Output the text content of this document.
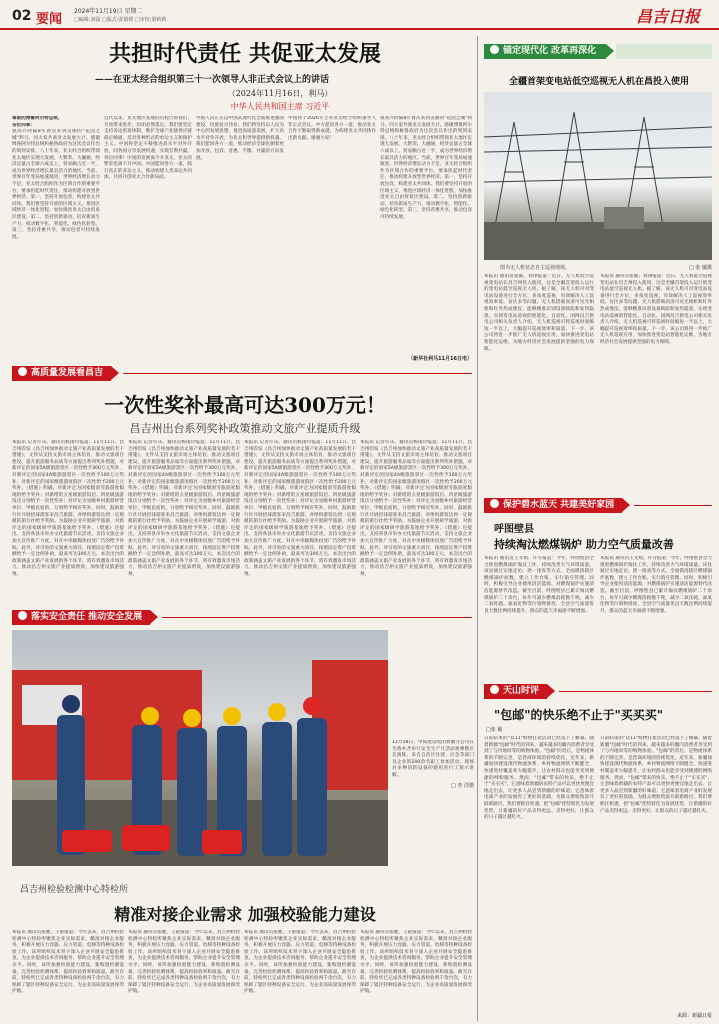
02 要闻
2024年11月19日 星期二
□编辑:刘强 □版式:张婧媛 □审校:梁莉莉	昌吉日报
共担时代责任 共促亚太发展
——在亚太经合组织第三十一次领导人非正式会议上的讲话
（2024年11月16日，利马）
中华人民共和国主席 习近平
尊敬的博鲁阿尔特总统，
各位同事：
很高兴时隔8年再次来到美丽的"花园之城"利马，同大家共商亚太发展大计。感谢博鲁阿尔特总统和秘鲁政府为这次会议作出的周到安排。八十年来，亚太经合组织带领亚太地区实现大发展、大繁荣、大融通，经济总量占全球六成以上，贸易额占近一半，成为世界经济增长最具活力的地区。当前，世界百年变局加速演进，世界经济增长动力不足，亚太经合组织作为区域合作的重要平台，要承担起时代责任，推动构建开放型世界经济。第一，坚持开放包容，构建亚太共同体。我们要坚持开放的区域主义，推进区域经济一体化进程，加快推进亚太自由贸易区建设。第二，坚持创新驱动，培育新质生产力，推动数字化、智能化、绿色化转型。第三，坚持普惠共享，推动包容可持续发展。
近代以来，亚太地区发展的历程告诉我们，开放带来进步，封闭必然落后。我们要坚定支持多边贸易体制，维护全球产业链供应链稳定畅通，反对各种形式的单边主义和保护主义。中国将坚定不移推进高水平对外开放，同各国分享发展机遇，实现互利共赢。各位同事！中国的发展离不开亚太，亚太的繁荣也离不开中国。中国愿同各方一道，践行真正的多边主义，推动构建人类命运共同体，共同开创亚太合作新局面。
中国人民正在以中国式现代化全面推进强国建设、民族复兴伟业。我们将坚持以人民为中心的发展思想，推进高质量发展，扩大高水平对外开放，为亚太和世界提供新机遇。我们愿同各方一道，推动经济全球化朝着更加开放、包容、普惠、平衡、共赢的方向发展。
中国将于2026年主办亚太经合组织领导人非正式会议。中方愿同各方一道，推动亚太合作不断取得新成就，为构建亚太共同体作出新贡献。谢谢大家！
很高兴时隔8年再次来到美丽的"花园之城"利马，同大家共商亚太发展大计。感谢博鲁阿尔特总统和秘鲁政府为这次会议作出的周到安排。八十年来，亚太经合组织带领亚太地区实现大发展、大繁荣、大融通，经济总量占全球六成以上，贸易额占近一半，成为世界经济增长最具活力的地区。当前，世界百年变局加速演进，世界经济增长动力不足，亚太经合组织作为区域合作的重要平台，要承担起时代责任，推动构建开放型世界经济。第一，坚持开放包容，构建亚太共同体。我们要坚持开放的区域主义，推进区域经济一体化进程，加快推进亚太自由贸易区建设。第二，坚持创新驱动，培育新质生产力，推动数字化、智能化、绿色化转型。第三，坚持普惠共享，推动包容可持续发展。
（新华社利马11月16日电）
高质量发展看昌吉
一次性奖补最高可达300万元！
昌吉州出台系列奖补政策推动文旅产业提质升级
本报讯 记者许乐、通讯员杨国玲报道：11月11日，昌吉州印发《昌吉州加快推动文旅产业高质量发展的若干措施》，文件从支持文旅市场主体培育、推动文旅项目建设、提升旅游服务品质等方面提出系列奖补措施，对新评定的国家5A级旅游景区一次性给予300万元奖补，对新评定的国家4A级旅游景区一次性给予100万元奖补，对新评定的国家级旅游度假区一次性给予200万元奖补。《措施》明确，对新评定为国家级滑雪旅游度假地的给予奖补；对新增的五星级旅游饭店、四星级旅游饭店分别给予一次性奖补；对评定为星级乡村旅游经营单位、甲级民宿的，分别给予相应奖补。同时，鼓励旅行社开展招徕游客来昌吉旅游，对组织游客达到一定规模的旅行社给予奖励。为鼓励企业开展研学旅游，对新评定的国家级研学旅游基地给予奖补。《措施》还提出，支持各县市举办文化旅游节庆活动，支持文旅企业加大宣传推广力度，对在中央级媒体投放广告的给予补贴。此外，对引进的文旅重大项目，按照固定资产投资额给予一定比例补助，最高可达300万元。本次出台的政策涵盖文旅产业发展的各个环节，将有效激发市场活力，推动昌吉州文旅产业提质增效，加快建设旅游强州。
本报讯 记者许乐、通讯员杨国玲报道：11月11日，昌吉州印发《昌吉州加快推动文旅产业高质量发展的若干措施》，文件从支持文旅市场主体培育、推动文旅项目建设、提升旅游服务品质等方面提出系列奖补措施，对新评定的国家5A级旅游景区一次性给予300万元奖补，对新评定的国家4A级旅游景区一次性给予100万元奖补，对新评定的国家级旅游度假区一次性给予200万元奖补。《措施》明确，对新评定为国家级滑雪旅游度假地的给予奖补；对新增的五星级旅游饭店、四星级旅游饭店分别给予一次性奖补；对评定为星级乡村旅游经营单位、甲级民宿的，分别给予相应奖补。同时，鼓励旅行社开展招徕游客来昌吉旅游，对组织游客达到一定规模的旅行社给予奖励。为鼓励企业开展研学旅游，对新评定的国家级研学旅游基地给予奖补。《措施》还提出，支持各县市举办文化旅游节庆活动，支持文旅企业加大宣传推广力度，对在中央级媒体投放广告的给予补贴。此外，对引进的文旅重大项目，按照固定资产投资额给予一定比例补助，最高可达300万元。本次出台的政策涵盖文旅产业发展的各个环节，将有效激发市场活力，推动昌吉州文旅产业提质增效，加快建设旅游强州。
本报讯 记者许乐、通讯员杨国玲报道：11月11日，昌吉州印发《昌吉州加快推动文旅产业高质量发展的若干措施》，文件从支持文旅市场主体培育、推动文旅项目建设、提升旅游服务品质等方面提出系列奖补措施，对新评定的国家5A级旅游景区一次性给予300万元奖补，对新评定的国家4A级旅游景区一次性给予100万元奖补，对新评定的国家级旅游度假区一次性给予200万元奖补。《措施》明确，对新评定为国家级滑雪旅游度假地的给予奖补；对新增的五星级旅游饭店、四星级旅游饭店分别给予一次性奖补；对评定为星级乡村旅游经营单位、甲级民宿的，分别给予相应奖补。同时，鼓励旅行社开展招徕游客来昌吉旅游，对组织游客达到一定规模的旅行社给予奖励。为鼓励企业开展研学旅游，对新评定的国家级研学旅游基地给予奖补。《措施》还提出，支持各县市举办文化旅游节庆活动，支持文旅企业加大宣传推广力度，对在中央级媒体投放广告的给予补贴。此外，对引进的文旅重大项目，按照固定资产投资额给予一定比例补助，最高可达300万元。本次出台的政策涵盖文旅产业发展的各个环节，将有效激发市场活力，推动昌吉州文旅产业提质增效，加快建设旅游强州。
本报讯 记者许乐、通讯员杨国玲报道：11月11日，昌吉州印发《昌吉州加快推动文旅产业高质量发展的若干措施》，文件从支持文旅市场主体培育、推动文旅项目建设、提升旅游服务品质等方面提出系列奖补措施，对新评定的国家5A级旅游景区一次性给予300万元奖补，对新评定的国家4A级旅游景区一次性给予100万元奖补，对新评定的国家级旅游度假区一次性给予200万元奖补。《措施》明确，对新评定为国家级滑雪旅游度假地的给予奖补；对新增的五星级旅游饭店、四星级旅游饭店分别给予一次性奖补；对评定为星级乡村旅游经营单位、甲级民宿的，分别给予相应奖补。同时，鼓励旅行社开展招徕游客来昌吉旅游，对组织游客达到一定规模的旅行社给予奖励。为鼓励企业开展研学旅游，对新评定的国家级研学旅游基地给予奖补。《措施》还提出，支持各县市举办文化旅游节庆活动，支持文旅企业加大宣传推广力度，对在中央级媒体投放广告的给予补贴。此外，对引进的文旅重大项目，按照固定资产投资额给予一定比例补助，最高可达300万元。本次出台的政策涵盖文旅产业发展的各个环节，将有效激发市场活力，推动昌吉州文旅产业提质增效，加快建设旅游强州。
落实安全责任 推动安全发展
11月18日，中煤建设集团新疆分公司在乌鲁木齐举行安全生产月活动观摩暨应急演练，来自自治区住建、应急等部门及企业的200余名职工参加活动，现场对多种消防设备的使用进行了演示讲解。
□ 李 洋摄
昌吉州检验检测中心特检所
精准对接企业需求 加强校验能力建设
本报讯 通讯员张婕、王银报道：今年以来，昌吉州检验检测中心特检所聚焦企业实际需求，精准对接企业服务，积极开展压力容器、压力管道、电梯等特种设备检验工作。该所组织技术骨干深入企业开展安全隐患排查，为企业提供技术咨询服务，帮助企业提升安全管理水平。同时，该所加强校验能力建设，新购置检测设备，完善检验检测体系，提高检验效率和质量。截至目前，特检所已完成各类特种设备检验两千余台次，有力保障了辖区特种设备安全运行，为企业高质量发展保驾护航。
本报讯 通讯员张婕、王银报道：今年以来，昌吉州检验检测中心特检所聚焦企业实际需求，精准对接企业服务，积极开展压力容器、压力管道、电梯等特种设备检验工作。该所组织技术骨干深入企业开展安全隐患排查，为企业提供技术咨询服务，帮助企业提升安全管理水平。同时，该所加强校验能力建设，新购置检测设备，完善检验检测体系，提高检验效率和质量。截至目前，特检所已完成各类特种设备检验两千余台次，有力保障了辖区特种设备安全运行，为企业高质量发展保驾护航。
本报讯 通讯员张婕、王银报道：今年以来，昌吉州检验检测中心特检所聚焦企业实际需求，精准对接企业服务，积极开展压力容器、压力管道、电梯等特种设备检验工作。该所组织技术骨干深入企业开展安全隐患排查，为企业提供技术咨询服务，帮助企业提升安全管理水平。同时，该所加强校验能力建设，新购置检测设备，完善检验检测体系，提高检验效率和质量。截至目前，特检所已完成各类特种设备检验两千余台次，有力保障了辖区特种设备安全运行，为企业高质量发展保驾护航。
本报讯 通讯员张婕、王银报道：今年以来，昌吉州检验检测中心特检所聚焦企业实际需求，精准对接企业服务，积极开展压力容器、压力管道、电梯等特种设备检验工作。该所组织技术骨干深入企业开展安全隐患排查，为企业提供技术咨询服务，帮助企业提升安全管理水平。同时，该所加强校验能力建设，新购置检测设备，完善检验检测体系，提高检验效率和质量。截至目前，特检所已完成各类特种设备检验两千余台次，有力保障了辖区特种设备安全运行，为企业高质量发展保驾护航。
锚定现代化 改革再深化
全疆首架变电站低空巡视无人机在昌投入使用
图为无人机状态自主巡视现场。	□ 张 敏摄
本报讯 通讯员张敏、刘津报道：近日，无人机低空巡视变电站在昌吉州投入使用，这是全疆首架投入运行的变电站低空巡视无人机。据了解，该无人机可对变电站设备进行全方位、多角度巡视，有效解决人工巡视效率低、盲区多等问题。无人机搭载高清可见光相机和红外热成像仪，能够精准识别设备缺陷和发热隐患，实现变电站巡视的智能化、自动化。国网昌吉供电公司相关负责人介绍，无人机巡视可将巡视时间缩短一半以上，大幅提升巡视效率和质量。下一步，该公司将进一步推广无人机巡视应用，加快推进变电站智能化运维，为地方经济社会发展提供坚强的电力保障。
本报讯 通讯员张敏、刘津报道：近日，无人机低空巡视变电站在昌吉州投入使用，这是全疆首架投入运行的变电站低空巡视无人机。据了解，该无人机可对变电站设备进行全方位、多角度巡视，有效解决人工巡视效率低、盲区多等问题。无人机搭载高清可见光相机和红外热成像仪，能够精准识别设备缺陷和发热隐患，实现变电站巡视的智能化、自动化。国网昌吉供电公司相关负责人介绍，无人机巡视可将巡视时间缩短一半以上，大幅提升巡视效率和质量。下一步，该公司将进一步推广无人机巡视应用，加快推进变电站智能化运维，为地方经济社会发展提供坚强的电力保障。
保护碧水蓝天 共建美好家园
呼图壁县
持续淘汰燃煤锅炉 助力空气质量改善
本报讯 通讯员王文娟、许雪报道：今年，呼图壁县全力推进燃煤锅炉淘汰工作，持续改善大气环境质量。该县通过实地走访、逐一排查等方式，全面摸清辖区燃煤锅炉底数，建立工作台账，实行销号管理。同时，积极引导企业使用清洁能源，对燃煤锅炉实施清洁能源替代改造。截至目前，呼图壁县已累计淘汰燃煤锅炉二十余台，每年可减少燃煤消耗数千吨，减少二氧化硫、氮氧化物等污染物排放，全县空气质量优良天数比例持续提升，群众的蓝天幸福感不断增强。
本报讯 通讯员王文娟、许雪报道：今年，呼图壁县全力推进燃煤锅炉淘汰工作，持续改善大气环境质量。该县通过实地走访、逐一排查等方式，全面摸清辖区燃煤锅炉底数，建立工作台账，实行销号管理。同时，积极引导企业使用清洁能源，对燃煤锅炉实施清洁能源替代改造。截至目前，呼图壁县已累计淘汰燃煤锅炉二十余台，每年可减少燃煤消耗数千吨，减少二氧化硫、氮氧化物等污染物排放，全县空气质量优良天数比例持续提升，群众的蓝天幸福感不断增强。
天山时评
"包邮"的快乐绝不止于"买买买"
□张 敏
日前结束的"双11"购物狂欢活动已经落下了帷幕。随着新疆"包邮"时代的到来，越来越多的疆内消费者享受到了与内地同等的购物体验。"包邮"的背后，是物流体系的不断完善，是营商环境的持续优化。近年来，新疆加快建设现代物流体系，乡村物流网络不断健全，快递进村覆盖率大幅提升，让农村群众也能享受到便捷的网购服务。然而，"包邮"带来的快乐，绝不止于"买买买"。它意味着新疆的农特产品可以更快更便宜地走出去，让更多人品尝到新疆的好味道；它意味着电商产业的发展有了更好的基础，为群众增收致富开辟新路径。我们要抓住机遇，把"包邮"优势转化为发展优势，让新疆的好产品卖得更远、卖得更好，让群众的日子越过越红火。
日前结束的"双11"购物狂欢活动已经落下了帷幕。随着新疆"包邮"时代的到来，越来越多的疆内消费者享受到了与内地同等的购物体验。"包邮"的背后，是物流体系的不断完善，是营商环境的持续优化。近年来，新疆加快建设现代物流体系，乡村物流网络不断健全，快递进村覆盖率大幅提升，让农村群众也能享受到便捷的网购服务。然而，"包邮"带来的快乐，绝不止于"买买买"。它意味着新疆的农特产品可以更快更便宜地走出去，让更多人品尝到新疆的好味道；它意味着电商产业的发展有了更好的基础，为群众增收致富开辟新路径。我们要抓住机遇，把"包邮"优势转化为发展优势，让新疆的好产品卖得更远、卖得更好，让群众的日子越过越红火。
来源：新疆日报
